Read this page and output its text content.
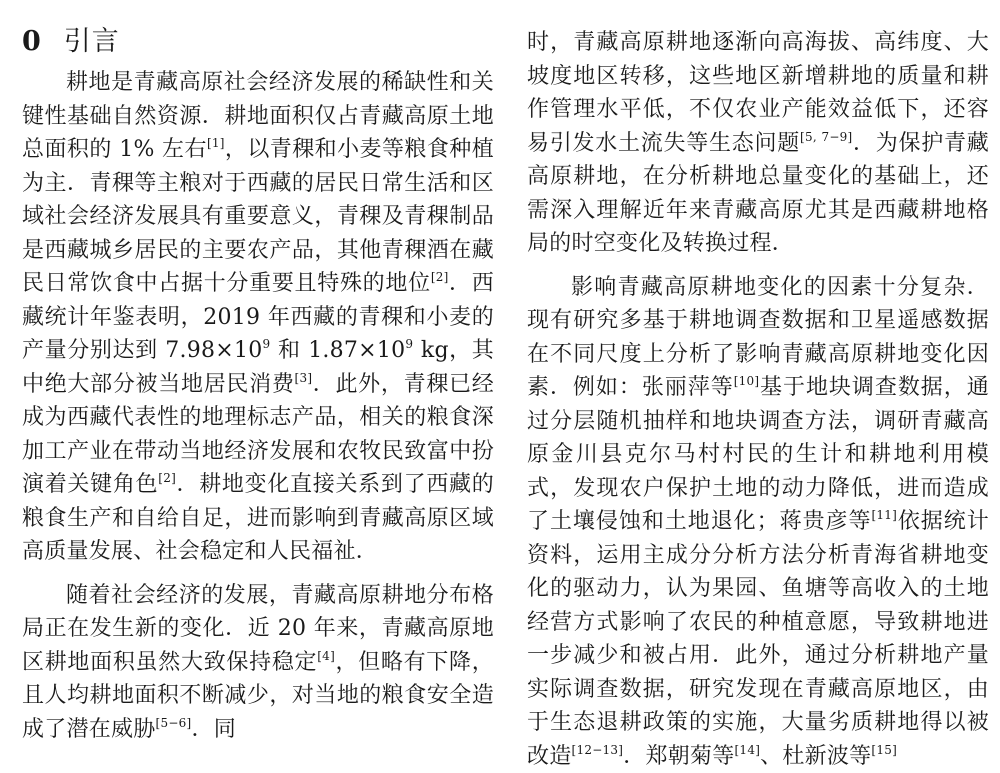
0 引言

耕地是青藏高原社会经济发展的稀缺性和关键性基础自然资源．耕地面积仅占青藏高原土地总面积的 1% 左右[1]，以青稞和小麦等粮食种植为主．青稞等主粮对于西藏的居民日常生活和区域社会经济发展具有重要意义，青稞及青稞制品是西藏城乡居民的主要农产品，其他青稞酒在藏民日常饮食中占据十分重要且特殊的地位[2]．西藏统计年鉴表明，2019 年西藏的青稞和小麦的产量分别达到 $7.98\times 10^9$ 和 $1.87\times 10^9$ kg，其中绝大部分被当地居民消费[3]．此外，青稞已经成为西藏代表性的地理标志产品，相关的粮食深加工产业在带动当地经济发展和农牧民致富中扮演着关键角色[2]．耕地变化直接关系到了西藏的粮食生产和自给自足，进而影响到青藏高原区域高质量发展、社会稳定和人民福祉．

随着社会经济的发展，青藏高原耕地分布格局正在发生新的变化．近 20 年来，青藏高原地区耕地面积虽然大致保持稳定[4]，但略有下降，且人均耕地面积不断减少，对当地的粮食安全造成了潜在威胁[5−6]．同

时，青藏高原耕地逐渐向高海拔、高纬度、大坡度地区转移，这些地区新增耕地的质量和耕作管理水平低，不仅农业产能效益低下，还容易引发水土流失等生态问题[5, 7−9]．为保护青藏高原耕地，在分析耕地总量变化的基础上，还需深入理解近年来青藏高原尤其是西藏耕地格局的时空变化及转换过程．

影响青藏高原耕地变化的因素十分复杂．现有研究多基于耕地调查数据和卫星遥感数据在不同尺度上分析了影响青藏高原耕地变化因素．例如：张丽萍等[10]基于地块调查数据，通过分层随机抽样和地块调查方法，调研青藏高原金川县克尔马村村民的生计和耕地利用模式，发现农户保护土地的动力降低，进而造成了土壤侵蚀和土地退化；蒋贵彦等[11]依据统计资料，运用主成分分析方法分析青海省耕地变化的驱动力，认为果园、鱼塘等高收入的土地经营方式影响了农民的种植意愿，导致耕地进一步减少和被占用．此外，通过分析耕地产量实际调查数据，研究发现在青藏高原地区，由于生态退耕政策的实施，大量劣质耕地得以被改造[12−13]．郑朝菊等[14]、杜新波等[15]
